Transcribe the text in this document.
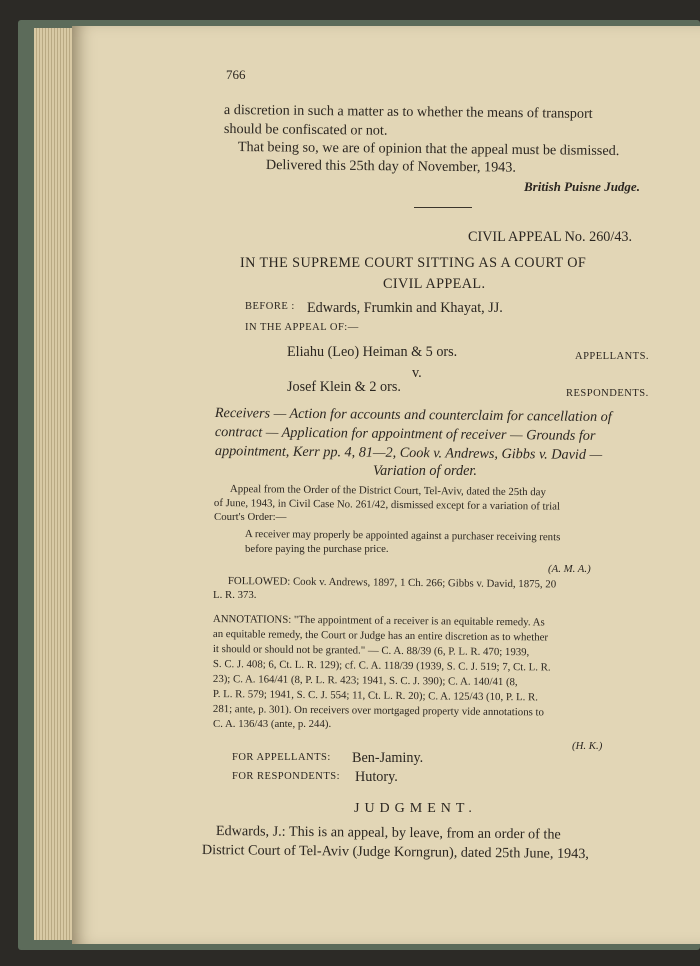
766
a discretion in such a matter as to whether the means of transport
should be confiscated or not.
That being so, we are of opinion that the appeal must be dismissed.
Delivered this 25th day of November, 1943.
British Puisne Judge.
CIVIL APPEAL No. 260/43.
IN THE SUPREME COURT SITTING AS A COURT OF
CIVIL APPEAL.
BEFORE : Edwards, Frumkin and Khayat, JJ.
IN THE APPEAL OF:—
Eliahu (Leo) Heiman & 5 ors.	APPELLANTS.
v.
Josef Klein & 2 ors.	RESPONDENTS.
Receivers — Action for accounts and counterclaim for cancellation of
contract — Application for appointment of receiver — Grounds for
appointment, Kerr pp. 4, 81—2, Cook v. Andrews, Gibbs v. David —
Variation of order.
Appeal from the Order of the District Court, Tel-Aviv, dated the 25th day
of June, 1943, in Civil Case No. 261/42, dismissed except for a variation of trial
Court's Order:—
A receiver may properly be appointed against a purchaser receiving rents
before paying the purchase price.
(A. M. A.)
FOLLOWED: Cook v. Andrews, 1897, 1 Ch. 266; Gibbs v. David, 1875, 20
L. R. 373.
ANNOTATIONS: "The appointment of a receiver is an equitable remedy. As
an equitable remedy, the Court or Judge has an entire discretion as to whether
it should or should not be granted." — C. A. 88/39 (6, P. L. R. 470; 1939,
S. C. J. 408; 6, Ct. L. R. 129); cf. C. A. 118/39 (1939, S. C. J. 519; 7, Ct. L. R.
23); C. A. 164/41 (8, P. L. R. 423; 1941, S. C. J. 390); C. A. 140/41 (8,
P. L. R. 579; 1941, S. C. J. 554; 11, Ct. L. R. 20); C. A. 125/43 (10, P. L. R.
281; ante, p. 301). On receivers over mortgaged property vide annotations to
C. A. 136/43 (ante, p. 244).
(H. K.)
FOR APPELLANTS: Ben-Jaminy.
FOR RESPONDENTS: Hutory.
JUDGMENT.
Edwards, J.: This is an appeal, by leave, from an order of the
District Court of Tel-Aviv (Judge Korngrun), dated 25th June, 1943,
